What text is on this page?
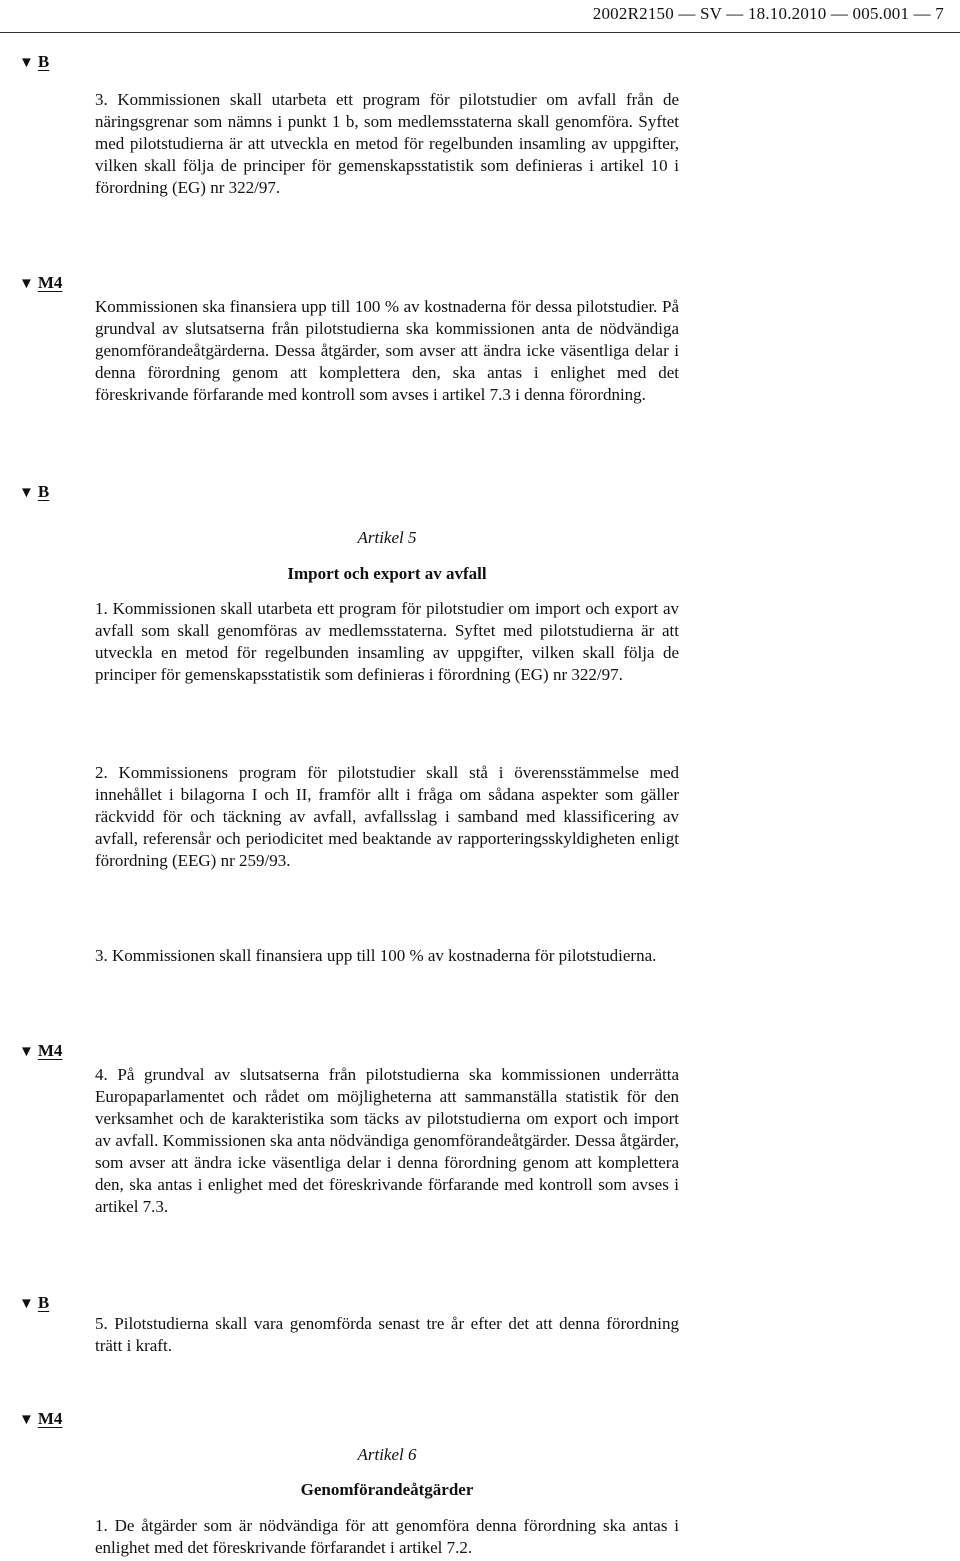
2002R2150 — SV — 18.10.2010 — 005.001 — 7
▼ B
3. Kommissionen skall utarbeta ett program för pilotstudier om avfall från de näringsgrenar som nämns i punkt 1 b, som medlemsstaterna skall genomföra. Syftet med pilotstudierna är att utveckla en metod för regelbunden insamling av uppgifter, vilken skall följa de principer för gemenskapsstatistik som definieras i artikel 10 i förordning (EG) nr 322/97.
▼ M4
Kommissionen ska finansiera upp till 100 % av kostnaderna för dessa pilotstudier. På grundval av slutsatserna från pilotstudierna ska kommissionen anta de nödvändiga genomförandeåtgärderna. Dessa åtgärder, som avser att ändra icke väsentliga delar i denna förordning genom att komplettera den, ska antas i enlighet med det föreskrivande förfarande med kontroll som avses i artikel 7.3 i denna förordning.
▼ B
Artikel 5
Import och export av avfall
1. Kommissionen skall utarbeta ett program för pilotstudier om import och export av avfall som skall genomföras av medlemsstaterna. Syftet med pilotstudierna är att utveckla en metod för regelbunden insamling av uppgifter, vilken skall följa de principer för gemenskapsstatistik som definieras i förordning (EG) nr 322/97.
2. Kommissionens program för pilotstudier skall stå i överensstämmelse med innehållet i bilagorna I och II, framför allt i fråga om sådana aspekter som gäller räckvidd för och täckning av avfall, avfallsslag i samband med klassificering av avfall, referensår och periodicitet med beaktande av rapporteringsskyldigheten enligt förordning (EEG) nr 259/93.
3. Kommissionen skall finansiera upp till 100 % av kostnaderna för pilotstudierna.
▼ M4
4. På grundval av slutsatserna från pilotstudierna ska kommissionen underrätta Europaparlamentet och rådet om möjligheterna att sammanställa statistik för den verksamhet och de karakteristika som täcks av pilotstudierna om export och import av avfall. Kommissionen ska anta nödvändiga genomförandeåtgärder. Dessa åtgärder, som avser att ändra icke väsentliga delar i denna förordning genom att komplettera den, ska antas i enlighet med det föreskrivande förfarande med kontroll som avses i artikel 7.3.
▼ B
5. Pilotstudierna skall vara genomförda senast tre år efter det att denna förordning trätt i kraft.
▼ M4
Artikel 6
Genomförandeåtgärder
1. De åtgärder som är nödvändiga för att genomföra denna förordning ska antas i enlighet med det föreskrivande förfarandet i artikel 7.2.
